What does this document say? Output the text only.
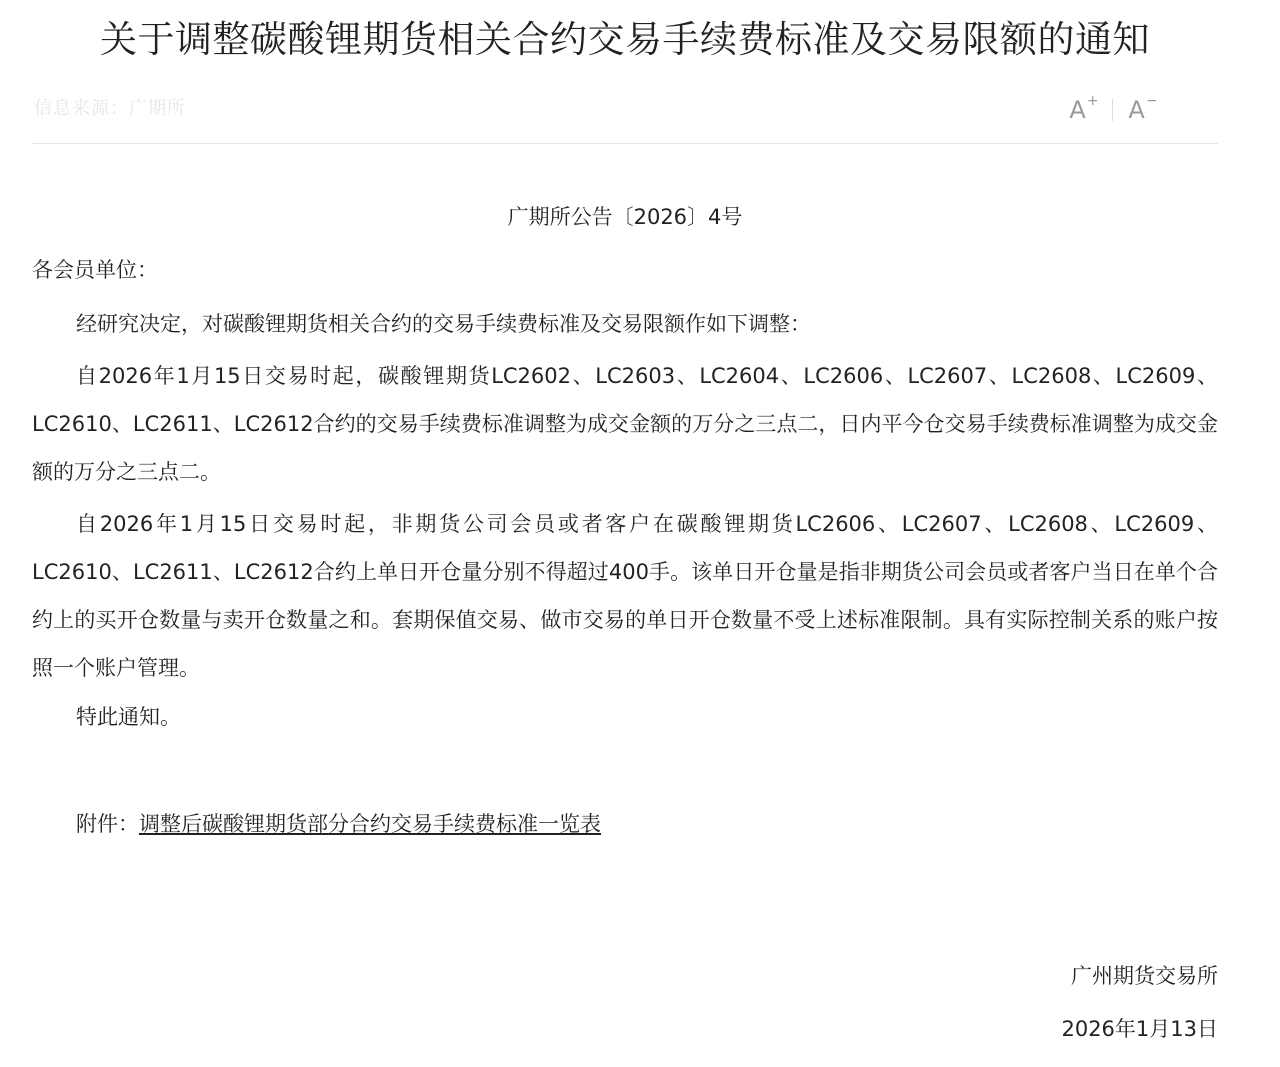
关于调整碳酸锂期货相关合约交易手续费标准及交易限额的通知
信息来源：广期所	A+ A−
广期所公告〔2026〕4号
各会员单位：
经研究决定，对碳酸锂期货相关合约的交易手续费标准及交易限额作如下调整：
自2026年1月15日交易时起，碳酸锂期货LC2602、LC2603、LC2604、LC2606、LC2607、LC2608、LC2609、LC2610、LC2611、LC2612合约的交易手续费标准调整为成交金额的万分之三点二，日内平今仓交易手续费标准调整为成交金额的万分之三点二。
自2026年1月15日交易时起，非期货公司会员或者客户在碳酸锂期货LC2606、LC2607、LC2608、LC2609、LC2610、LC2611、LC2612合约上单日开仓量分别不得超过400手。该单日开仓量是指非期货公司会员或者客户当日在单个合约上的买开仓数量与卖开仓数量之和。套期保值交易、做市交易的单日开仓数量不受上述标准限制。具有实际控制关系的账户按照一个账户管理。
特此通知。
附件：调整后碳酸锂期货部分合约交易手续费标准一览表
广州期货交易所
2026年1月13日
